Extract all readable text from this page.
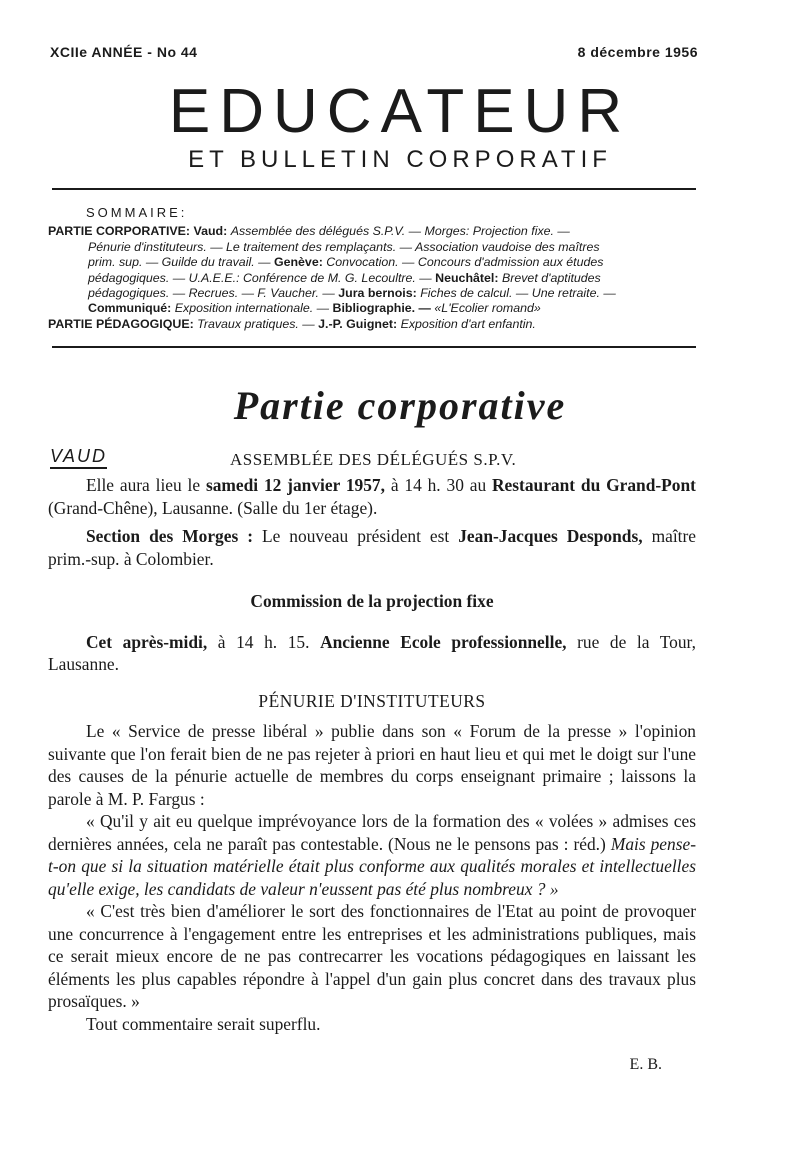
XCIIe ANNÉE - No 44	8 décembre 1956
EDUCATEUR
ET BULLETIN CORPORATIF
SOMMAIRE:
PARTIE CORPORATIVE: Vaud: Assemblée des délégués S.P.V. — Morges: Projection fixe. —
Pénurie d'instituteurs. — Le traitement des remplaçants. — Association vaudoise des maîtres
prim. sup. — Guilde du travail. — Genève: Convocation. — Concours d'admission aux études
pédagogiques. — U.A.E.E.: Conférence de M. G. Lecoultre. — Neuchâtel: Brevet d'aptitudes
pédagogiques. — Recrues. — F. Vaucher. — Jura bernois: Fiches de calcul. — Une retraite. —
Communiqué: Exposition internationale. — Bibliographie. — «L'Ecolier romand»
PARTIE PÉDAGOGIQUE: Travaux pratiques. — J.-P. Guignet: Exposition d'art enfantin.
Partie corporative
VAUD	ASSEMBLÉE DES DÉLÉGUÉS S.P.V.

Elle aura lieu le samedi 12 janvier 1957, à 14 h. 30 au Restaurant du Grand-Pont (Grand-Chêne), Lausanne. (Salle du 1er étage).

Section des Morges : Le nouveau président est Jean-Jacques Desponds, maître prim.-sup. à Colombier.

Commission de la projection fixe

Cet après-midi, à 14 h. 15. Ancienne Ecole professionnelle, rue de la Tour, Lausanne.

PÉNURIE D'INSTITUTEURS

Le « Service de presse libéral » publie dans son « Forum de la presse » l'opinion suivante que l'on ferait bien de ne pas rejeter à priori en haut lieu et qui met le doigt sur l'une des causes de la pénurie actuelle de membres du corps enseignant primaire ; laissons la parole à M. P. Fargus :

« Qu'il y ait eu quelque imprévoyance lors de la formation des « volées » admises ces dernières années, cela ne paraît pas contestable. (Nous ne le pensons pas : réd.) Mais pense-t-on que si la situation matérielle était plus conforme aux qualités morales et intellectuelles qu'elle exige, les candidats de valeur n'eussent pas été plus nombreux ? »

« C'est très bien d'améliorer le sort des fonctionnaires de l'Etat au point de provoquer une concurrence à l'engagement entre les entreprises et les administrations publiques, mais ce serait mieux encore de ne pas contrecarrer les vocations pédagogiques en laissant les éléments les plus capables répondre à l'appel d'un gain plus concret dans des travaux plus prosaïques. »

Tout commentaire serait superflu.

E. B.
